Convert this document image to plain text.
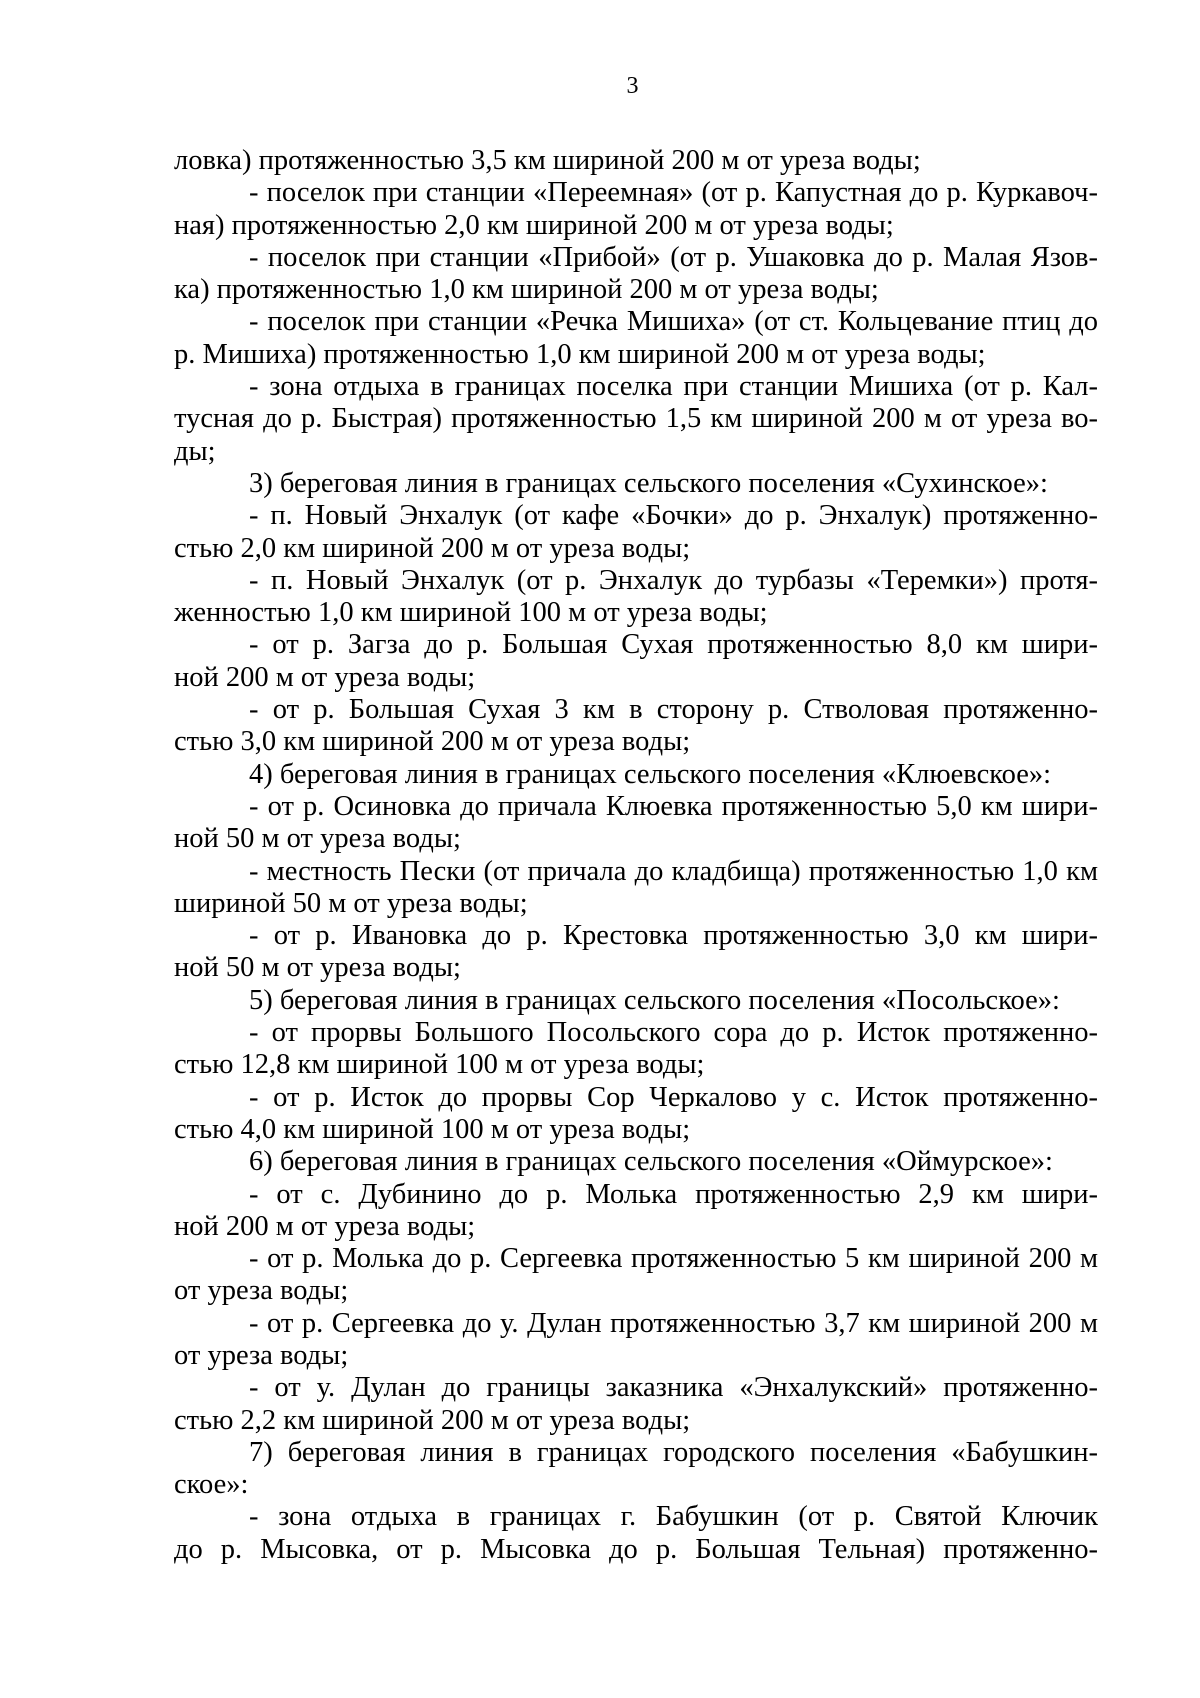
3
ловка) протяженностью 3,5 км шириной 200 м от уреза воды;
- поселок при станции «Переемная» (от р. Капустная до р. Куркавоч-
ная) протяженностью 2,0 км шириной 200 м от уреза воды;
- поселок при станции «Прибой» (от р. Ушаковка до р. Малая Язов-
ка) протяженностью 1,0 км шириной 200 м от уреза воды;
- поселок при станции «Речка Мишиха» (от ст. Кольцевание птиц до
р. Мишиха) протяженностью 1,0 км шириной 200 м от уреза воды;
- зона отдыха в границах поселка при станции Мишиха (от р. Кал-
тусная до р. Быстрая) протяженностью 1,5 км шириной 200 м от уреза во-
ды;
3) береговая линия в границах сельского поселения «Сухинское»:
- п. Новый Энхалук (от кафе «Бочки» до р. Энхалук) протяженно-
стью 2,0 км шириной 200 м от уреза воды;
- п. Новый Энхалук (от р. Энхалук до турбазы «Теремки») протя-
женностью 1,0 км шириной 100 м от уреза воды;
- от р. Загза до р. Большая Сухая протяженностью 8,0 км шири-
ной 200 м от уреза воды;
- от р. Большая Сухая 3 км в сторону р. Стволовая протяженно-
стью 3,0 км шириной 200 м от уреза воды;
4) береговая линия в границах сельского поселения «Клюевское»:
- от р. Осиновка до причала Клюевка протяженностью 5,0 км шири-
ной 50 м от уреза воды;
- местность Пески (от причала до кладбища) протяженностью 1,0 км
шириной 50 м от уреза воды;
- от р. Ивановка до р. Крестовка протяженностью 3,0 км шири-
ной 50 м от уреза воды;
5) береговая линия в границах сельского поселения «Посольское»:
- от прорвы Большого Посольского сора до р. Исток протяженно-
стью 12,8 км шириной 100 м от уреза воды;
- от р. Исток до прорвы Сор Черкалово у с. Исток протяженно-
стью 4,0 км шириной 100 м от уреза воды;
6) береговая линия в границах сельского поселения «Оймурское»:
- от с. Дубинино до р. Молька протяженностью 2,9 км шири-
ной 200 м от уреза воды;
- от р. Молька до р. Сергеевка протяженностью 5 км шириной 200 м
от уреза воды;
- от р. Сергеевка до у. Дулан протяженностью 3,7 км шириной 200 м
от уреза воды;
- от у. Дулан до границы заказника «Энхалукский» протяженно-
стью 2,2 км шириной 200 м от уреза воды;
7) береговая линия в границах городского поселения «Бабушкин-
ское»:
- зона отдыха в границах г. Бабушкин (от р. Святой Ключик
до р. Мысовка, от р. Мысовка до р. Большая Тельная) протяженно-
